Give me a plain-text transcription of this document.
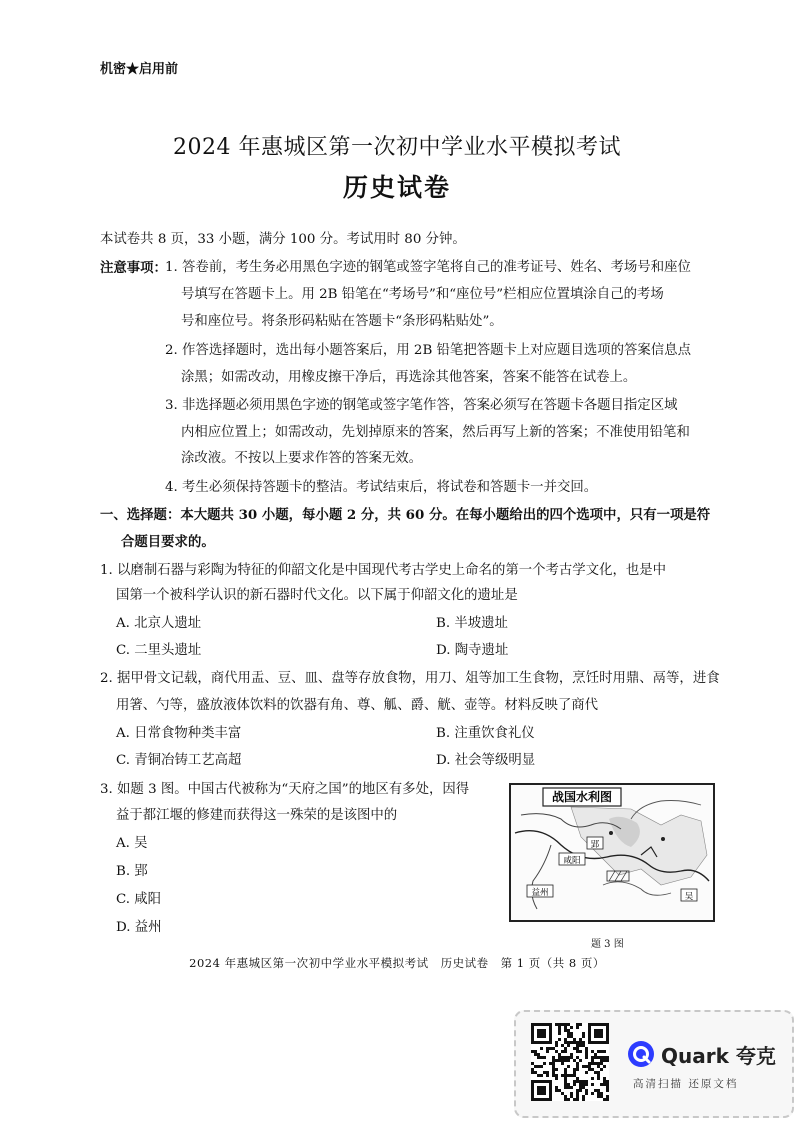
机密★启用前
2024 年惠城区第一次初中学业水平模拟考试
历史试卷
本试卷共 8 页，33 小题，满分 100 分。考试用时 80 分钟。
注意事项：
1. 答卷前，考生务必用黑色字迹的钢笔或签字笔将自己的准考证号、姓名、考场号和座位
号填写在答题卡上。用 2B 铅笔在“考场号”和“座位号”栏相应位置填涂自己的考场
号和座位号。将条形码粘贴在答题卡“条形码粘贴处”。
2. 作答选择题时，选出每小题答案后，用 2B 铅笔把答题卡上对应题目选项的答案信息点
涂黑；如需改动，用橡皮擦干净后，再选涂其他答案，答案不能答在试卷上。
3. 非选择题必须用黑色字迹的钢笔或签字笔作答，答案必须写在答题卡各题目指定区域
内相应位置上；如需改动，先划掉原来的答案，然后再写上新的答案；不准使用铅笔和
涂改液。不按以上要求作答的答案无效。
4. 考生必须保持答题卡的整洁。考试结束后，将试卷和答题卡一并交回。
一、选择题：本大题共 30 小题，每小题 2 分，共 60 分。在每小题给出的四个选项中，只有一项是符
合题目要求的。
1. 以磨制石器与彩陶为特征的仰韶文化是中国现代考古学史上命名的第一个考古学文化，也是中
国第一个被科学认识的新石器时代文化。以下属于仰韶文化的遗址是
A. 北京人遗址	B. 半坡遗址
C. 二里头遗址	D. 陶寺遗址
2. 据甲骨文记载，商代用盂、豆、皿、盘等存放食物，用刀、俎等加工生食物，烹饪时用鼎、鬲等，进食
用箸、勺等，盛放液体饮料的饮器有角、尊、觚、爵、觥、壶等。材料反映了商代
A. 日常食物种类丰富	B. 注重饮食礼仪
C. 青铜冶铸工艺高超	D. 社会等级明显
3. 如题 3 图。中国古代被称为“天府之国”的地区有多处，因得
益于都江堰的修建而获得这一殊荣的是该图中的
A. 吴
B. 郢
C. 咸阳
D. 益州
战国水利图
咸阳
益州
郢
吴
题 3 图
2024 年惠城区第一次初中学业水平模拟考试　历史试卷　第 1 页（共 8 页）
Quark 夸克
高清扫描 还原文档
